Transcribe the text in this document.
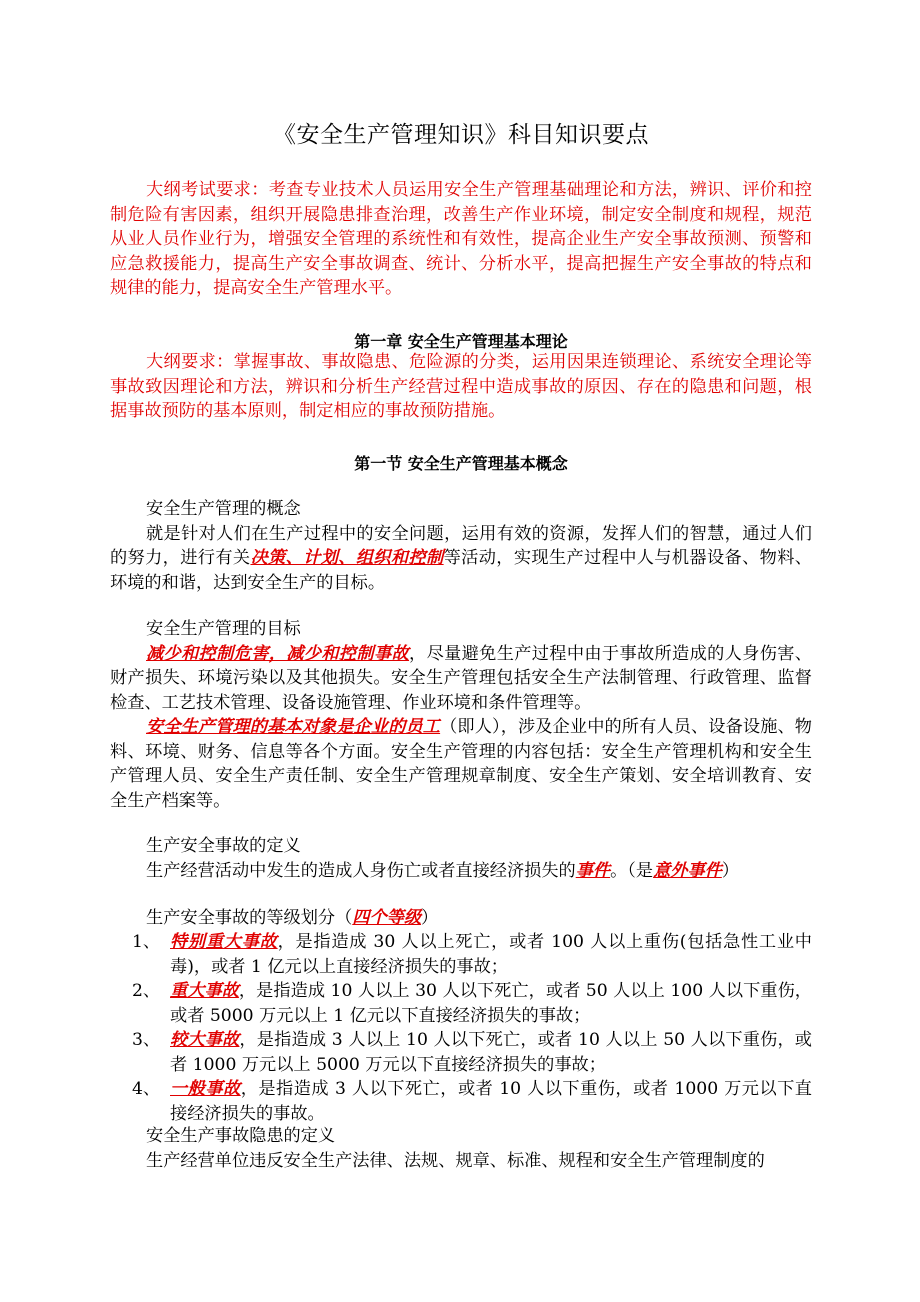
《安全生产管理知识》科目知识要点

大纲考试要求：考查专业技术人员运用安全生产管理基础理论和方法，辨识、评价和控制危险有害因素，组织开展隐患排查治理，改善生产作业环境，制定安全制度和规程，规范从业人员作业行为，增强安全管理的系统性和有效性，提高企业生产安全事故预测、预警和应急救援能力，提高生产安全事故调查、统计、分析水平，提高把握生产安全事故的特点和规律的能力，提高安全生产管理水平。

第一章 安全生产管理基本理论

大纲要求：掌握事故、事故隐患、危险源的分类，运用因果连锁理论、系统安全理论等事故致因理论和方法，辨识和分析生产经营过程中造成事故的原因、存在的隐患和问题，根据事故预防的基本原则，制定相应的事故预防措施。

第一节 安全生产管理基本概念

安全生产管理的概念

就是针对人们在生产过程中的安全问题，运用有效的资源，发挥人们的智慧，通过人们的努力，进行有关决策、计划、组织和控制等活动，实现生产过程中人与机器设备、物料、环境的和谐，达到安全生产的目标。

安全生产管理的目标

减少和控制危害，减少和控制事故，尽量避免生产过程中由于事故所造成的人身伤害、财产损失、环境污染以及其他损失。安全生产管理包括安全生产法制管理、行政管理、监督检查、工艺技术管理、设备设施管理、作业环境和条件管理等。

安全生产管理的基本对象是企业的员工（即人），涉及企业中的所有人员、设备设施、物料、环境、财务、信息等各个方面。安全生产管理的内容包括：安全生产管理机构和安全生产管理人员、安全生产责任制、安全生产管理规章制度、安全生产策划、安全培训教育、安全生产档案等。

生产安全事故的定义

生产经营活动中发生的造成人身伤亡或者直接经济损失的事件。（是意外事件）

生产安全事故的等级划分（四个等级）

1、 特别重大事故，是指造成 30 人以上死亡，或者 100 人以上重伤(包括急性工业中毒)，或者 1 亿元以上直接经济损失的事故；
2、 重大事故，是指造成 10 人以上 30 人以下死亡，或者 50 人以上 100 人以下重伤，或者 5000 万元以上 1 亿元以下直接经济损失的事故；
3、 较大事故，是指造成 3 人以上 10 人以下死亡，或者 10 人以上 50 人以下重伤，或者 1000 万元以上 5000 万元以下直接经济损失的事故；
4、 一般事故，是指造成 3 人以下死亡，或者 10 人以下重伤，或者 1000 万元以下直接经济损失的事故。

安全生产事故隐患的定义

生产经营单位违反安全生产法律、法规、规章、标准、规程和安全生产管理制度的
